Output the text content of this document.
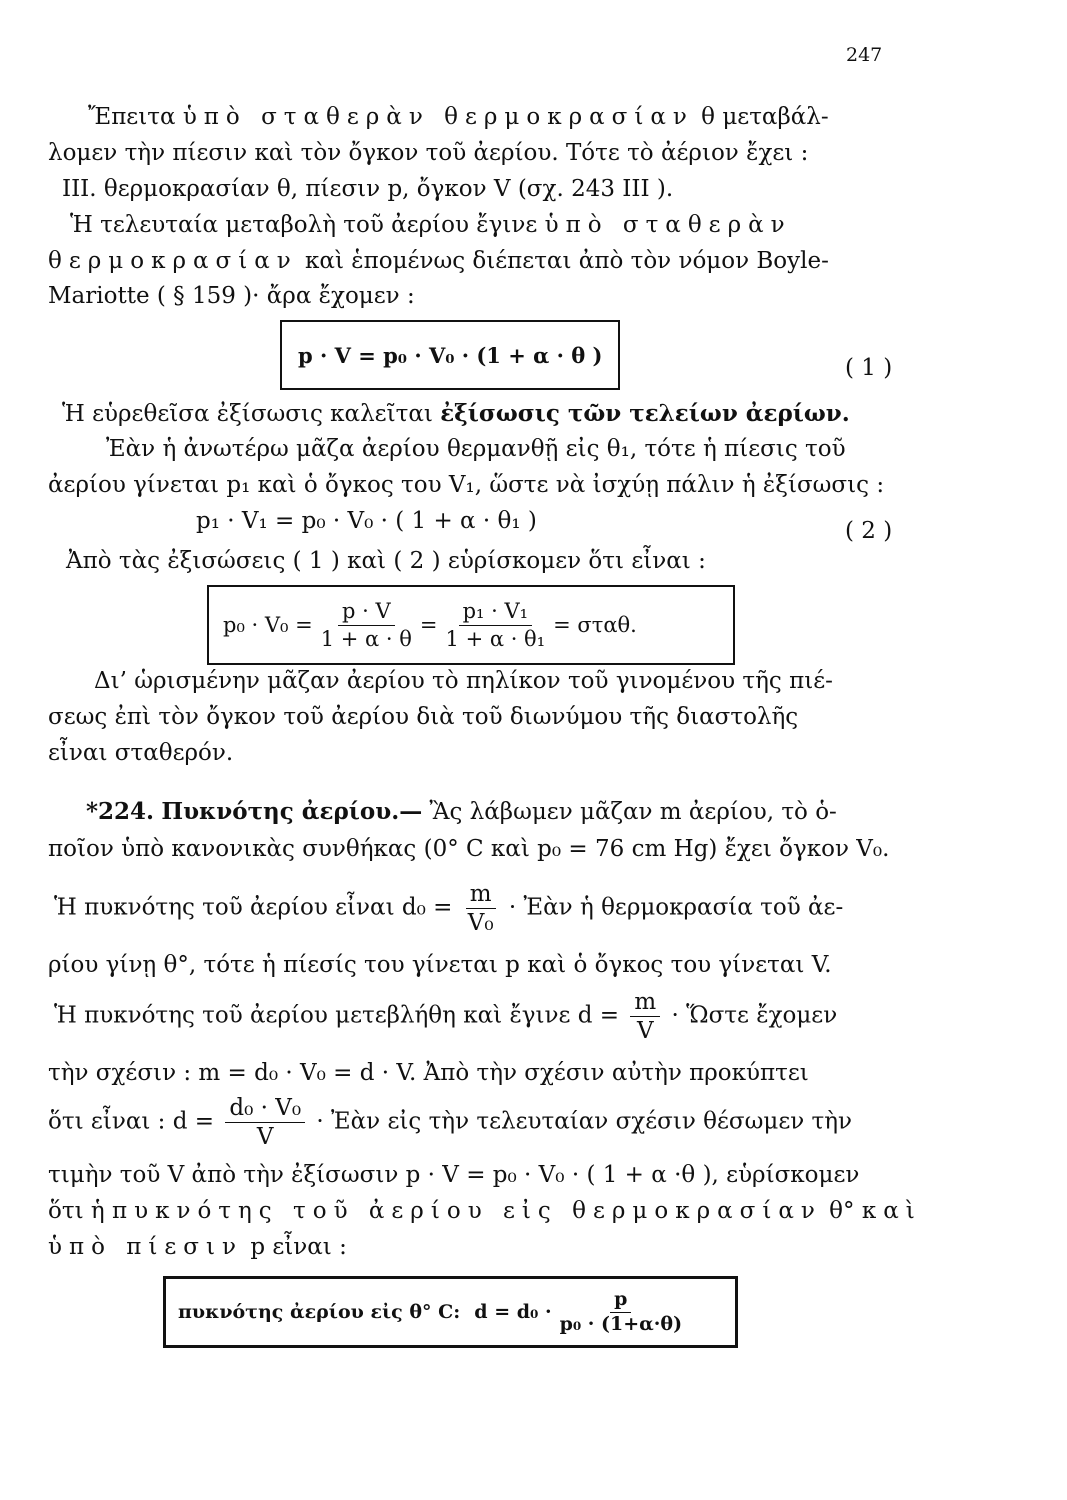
247
Ἔπειτα ὑπὸ σταθερὰν θερμοκρασίαν θ μεταβάλ-
λομεν τὴν πίεσιν καὶ τὸν ὄγκον τοῦ ἀερίου. Τότε τὸ ἀέριον ἔχει :
III. θερμοκρασίαν θ, πίεσιν p, ὄγκον V (σχ. 243 III ).
Ἡ τελευταία μεταβολὴ τοῦ ἀερίου ἔγινε ὑπὸ σταθερὰν
θερμοκρασίαν καὶ ἑπομένως διέπεται ἀπὸ τὸν νόμον Boyle-
Mariotte ( § 159 )· ἄρα ἔχομεν :
p · V = p₀ · V₀ · (1 + α · θ )	( 1 )
Ἡ εὑρεθεῖσα ἐξίσωσις καλεῖται ἐξίσωσις τῶν τελείων ἀερίων.
Ἐὰν ἡ ἀνωτέρω μᾶζα ἀερίου θερμανθῇ εἰς θ₁, τότε ἡ πίεσις τοῦ
ἀερίου γίνεται p₁ καὶ ὁ ὄγκος του V₁, ὥστε νὰ ἰσχύῃ πάλιν ἡ ἐξίσωσις :
p₁ · V₁ = p₀ · V₀ · ( 1 + α · θ₁ )	( 2 )
Ἀπὸ τὰς ἐξισώσεις ( 1 ) καὶ ( 2 ) εὑρίσκομεν ὅτι εἶναι :
$p_0 \cdot V_0 = \frac{p \cdot V}{1 + \alpha \cdot \theta} = \frac{\text{p₁ · V₁}}{\text{1 + α · θ₁}} = \sigma\tau\alpha\theta$.
Δι’ ὡρισμένην μᾶζαν ἀερίου τὸ πηλίκον τοῦ γινομένου τῆς πιέ-
σεως ἐπὶ τὸν ὄγκον τοῦ ἀερίου διὰ τοῦ διωνύμου τῆς διαστολῆς
εἶναι σταθερόν.
*224. Πυκνότης ἀερίου.— Ἂς λάβωμεν μᾶζαν m ἀερίου, τὸ ὁ-
ποῖον ὑπὸ κανονικὰς συνθήκας (0° C καὶ p₀ = 76 cm Hg) ἔχει ὄγκον V₀.
Ἡ πυκνότης τοῦ ἀερίου εἶναι $d_0 = \frac{m}{\text{V₀}}$ · Ἐὰν ἡ θερμοκρασία τοῦ ἀε-
ρίου γίνῃ θ°, τότε ἡ πίεσίς του γίνεται p καὶ ὁ ὄγκος του γίνεται V.
Ἡ πυκνότης τοῦ ἀερίου μετεβλήθη καὶ ἔγινε $d = \frac{m}{V}$ · Ὥστε ἔχομεν
τὴν σχέσιν : m = d₀ · V₀ = d · V. Ἀπὸ τὴν σχέσιν αὐτὴν προκύπτει
ὅτι εἶναι : $d = \frac{\text{d₀ · V₀}}{V}$ · Ἐὰν εἰς τὴν τελευταίαν σχέσιν θέσωμεν τὴν
τιμὴν τοῦ V ἀπὸ τὴν ἐξίσωσιν p · V = p₀ · V₀ · ( 1 + α ·θ ), εὑρίσκομεν
ὅτι ἡ πυκνότης τοῦ ἀερίου εἰς θερμοκρασίαν θ° καὶ
ὑπὸ πίεσιν p εἶναι :
πυκνότης ἀερίου εἰς θ° C: $d = d_0 \cdot \frac{p}{\text{p₀ · (1+α·θ)}}$
